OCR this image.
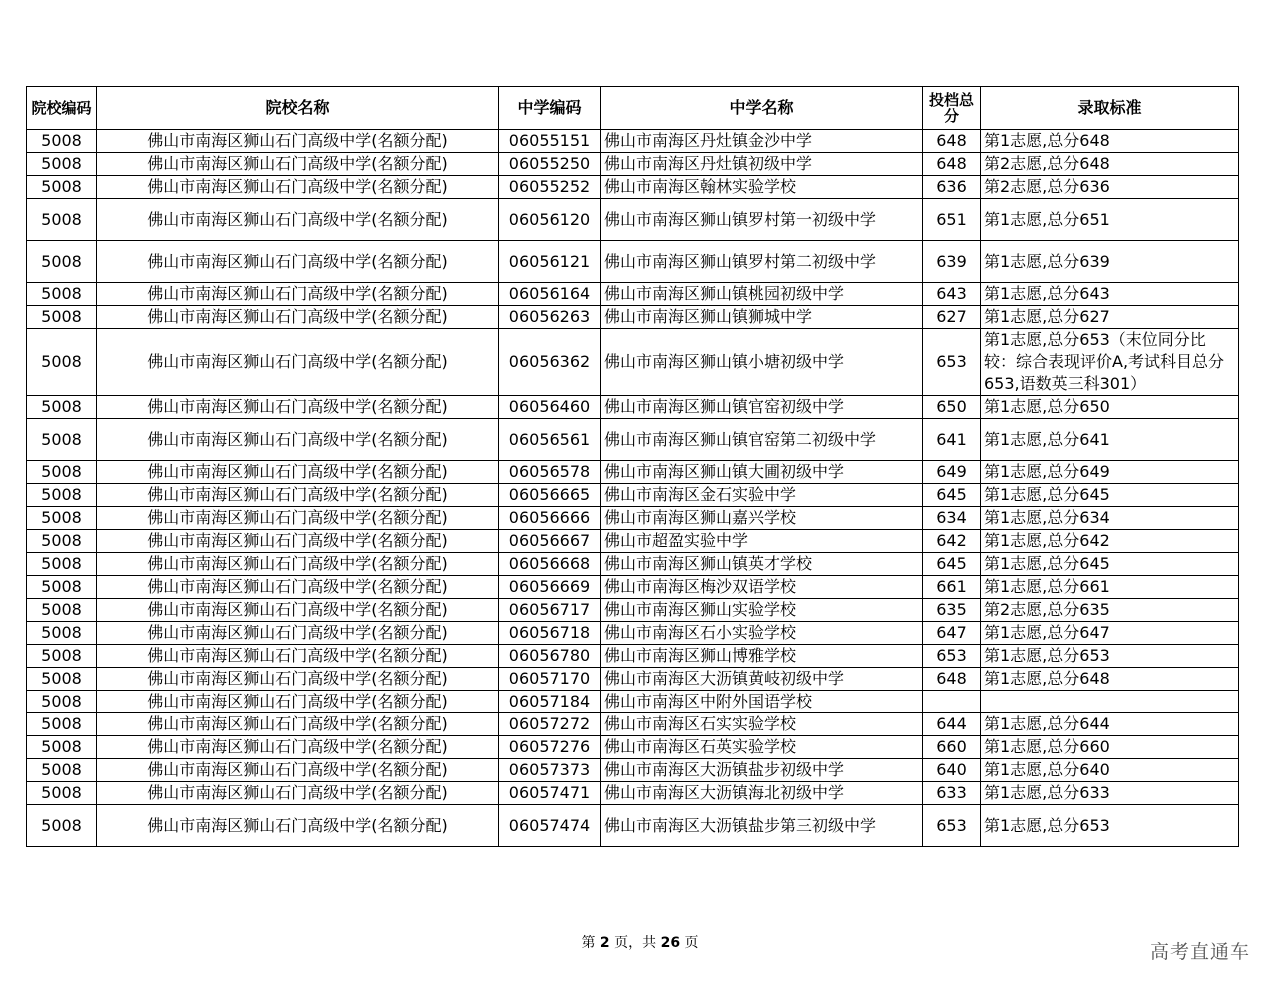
院校编码	院校名称	中学编码	中学名称	投档总分	录取标准
5008	佛山市南海区狮山石门高级中学(名额分配)	06055151	佛山市南海区丹灶镇金沙中学	648	第1志愿,总分648
5008	佛山市南海区狮山石门高级中学(名额分配)	06055250	佛山市南海区丹灶镇初级中学	648	第2志愿,总分648
5008	佛山市南海区狮山石门高级中学(名额分配)	06055252	佛山市南海区翰林实验学校	636	第2志愿,总分636
5008	佛山市南海区狮山石门高级中学(名额分配)	06056120	佛山市南海区狮山镇罗村第一初级中学	651	第1志愿,总分651
5008	佛山市南海区狮山石门高级中学(名额分配)	06056121	佛山市南海区狮山镇罗村第二初级中学	639	第1志愿,总分639
5008	佛山市南海区狮山石门高级中学(名额分配)	06056164	佛山市南海区狮山镇桃园初级中学	643	第1志愿,总分643
5008	佛山市南海区狮山石门高级中学(名额分配)	06056263	佛山市南海区狮山镇狮城中学	627	第1志愿,总分627
5008	佛山市南海区狮山石门高级中学(名额分配)	06056362	佛山市南海区狮山镇小塘初级中学	653	第1志愿,总分653（末位同分比较：综合表现评价A,考试科目总分653,语数英三科301）
5008	佛山市南海区狮山石门高级中学(名额分配)	06056460	佛山市南海区狮山镇官窑初级中学	650	第1志愿,总分650
5008	佛山市南海区狮山石门高级中学(名额分配)	06056561	佛山市南海区狮山镇官窑第二初级中学	641	第1志愿,总分641
5008	佛山市南海区狮山石门高级中学(名额分配)	06056578	佛山市南海区狮山镇大圃初级中学	649	第1志愿,总分649
5008	佛山市南海区狮山石门高级中学(名额分配)	06056665	佛山市南海区金石实验中学	645	第1志愿,总分645
5008	佛山市南海区狮山石门高级中学(名额分配)	06056666	佛山市南海区狮山嘉兴学校	634	第1志愿,总分634
5008	佛山市南海区狮山石门高级中学(名额分配)	06056667	佛山市超盈实验中学	642	第1志愿,总分642
5008	佛山市南海区狮山石门高级中学(名额分配)	06056668	佛山市南海区狮山镇英才学校	645	第1志愿,总分645
5008	佛山市南海区狮山石门高级中学(名额分配)	06056669	佛山市南海区梅沙双语学校	661	第1志愿,总分661
5008	佛山市南海区狮山石门高级中学(名额分配)	06056717	佛山市南海区狮山实验学校	635	第2志愿,总分635
5008	佛山市南海区狮山石门高级中学(名额分配)	06056718	佛山市南海区石小实验学校	647	第1志愿,总分647
5008	佛山市南海区狮山石门高级中学(名额分配)	06056780	佛山市南海区狮山博雅学校	653	第1志愿,总分653
5008	佛山市南海区狮山石门高级中学(名额分配)	06057170	佛山市南海区大沥镇黄岐初级中学	648	第1志愿,总分648
5008	佛山市南海区狮山石门高级中学(名额分配)	06057184	佛山市南海区中附外国语学校		
5008	佛山市南海区狮山石门高级中学(名额分配)	06057272	佛山市南海区石实实验学校	644	第1志愿,总分644
5008	佛山市南海区狮山石门高级中学(名额分配)	06057276	佛山市南海区石英实验学校	660	第1志愿,总分660
5008	佛山市南海区狮山石门高级中学(名额分配)	06057373	佛山市南海区大沥镇盐步初级中学	640	第1志愿,总分640
5008	佛山市南海区狮山石门高级中学(名额分配)	06057471	佛山市南海区大沥镇海北初级中学	633	第1志愿,总分633
5008	佛山市南海区狮山石门高级中学(名额分配)	06057474	佛山市南海区大沥镇盐步第三初级中学	653	第1志愿,总分653
第 2 页，共 26 页	高考直通车
